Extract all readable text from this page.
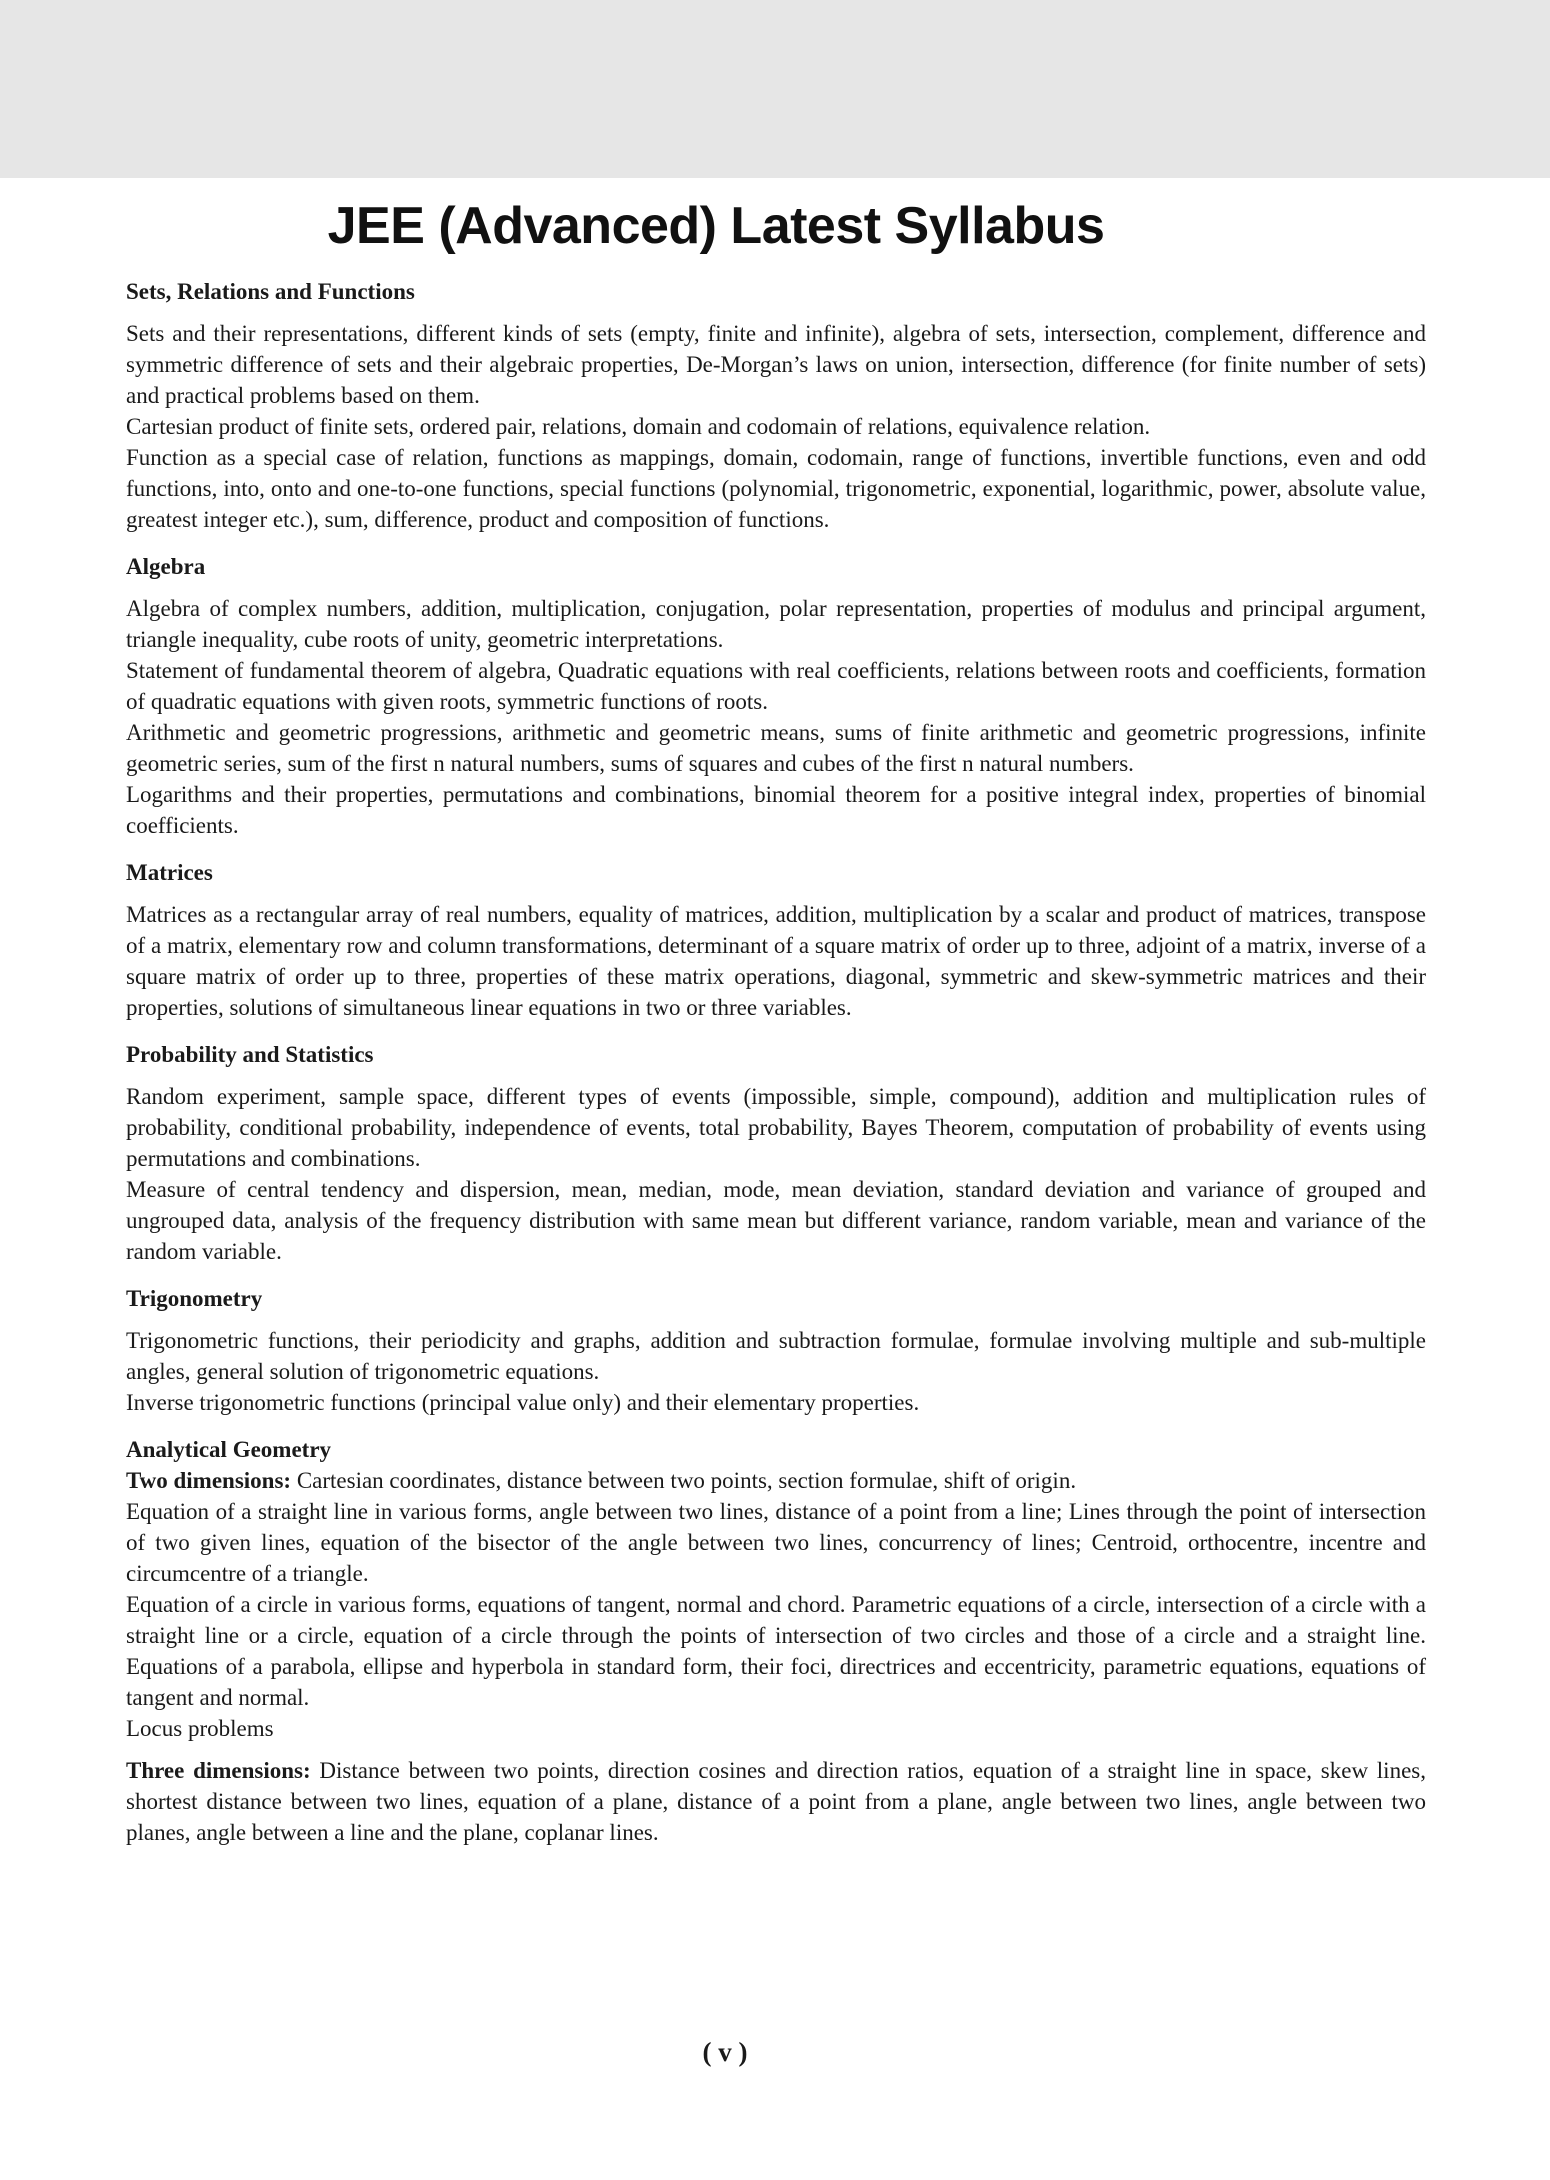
JEE (Advanced) Latest Syllabus
Sets, Relations and Functions

Sets and their representations, different kinds of sets (empty, finite and infinite), algebra of sets, intersection, complement, difference and symmetric difference of sets and their algebraic properties, De-Morgan’s laws on union, intersection, difference (for finite number of sets) and practical problems based on them.

Cartesian product of finite sets, ordered pair, relations, domain and codomain of relations, equivalence relation.

Function as a special case of relation, functions as mappings, domain, codomain, range of functions, invertible functions, even and odd functions, into, onto and one-to-one functions, special functions (polynomial, trigonometric, exponential, logarithmic, power, absolute value, greatest integer etc.), sum, difference, product and composition of functions.

Algebra

Algebra of complex numbers, addition, multiplication, conjugation, polar representation, properties of modulus and principal argument, triangle inequality, cube roots of unity, geometric interpretations.

Statement of fundamental theorem of algebra, Quadratic equations with real coefficients, relations between roots and coefficients, formation of quadratic equations with given roots, symmetric functions of roots.

Arithmetic and geometric progressions, arithmetic and geometric means, sums of finite arithmetic and geometric progressions, infinite geometric series, sum of the first n natural numbers, sums of squares and cubes of the first n natural numbers.

Logarithms and their properties, permutations and combinations, binomial theorem for a positive integral index, properties of binomial coefficients.

Matrices

Matrices as a rectangular array of real numbers, equality of matrices, addition, multiplication by a scalar and product of matrices, transpose of a matrix, elementary row and column transformations, determinant of a square matrix of order up to three, adjoint of a matrix, inverse of a square matrix of order up to three, properties of these matrix operations, diagonal, symmetric and skew-symmetric matrices and their properties, solutions of simultaneous linear equations in two or three variables.

Probability and Statistics

Random experiment, sample space, different types of events (impossible, simple, compound), addition and multiplication rules of probability, conditional probability, independence of events, total probability, Bayes Theorem, computation of probability of events using permutations and combinations.

Measure of central tendency and dispersion, mean, median, mode, mean deviation, standard deviation and variance of grouped and ungrouped data, analysis of the frequency distribution with same mean but different variance, random variable, mean and variance of the random variable.

Trigonometry

Trigonometric functions, their periodicity and graphs, addition and subtraction formulae, formulae involving multiple and sub-multiple angles, general solution of trigonometric equations.

Inverse trigonometric functions (principal value only) and their elementary properties.

Analytical Geometry

Two dimensions: Cartesian coordinates, distance between two points, section formulae, shift of origin.

Equation of a straight line in various forms, angle between two lines, distance of a point from a line; Lines through the point of intersection of two given lines, equation of the bisector of the angle between two lines, concurrency of lines; Centroid, orthocentre, incentre and circumcentre of a triangle.

Equation of a circle in various forms, equations of tangent, normal and chord. Parametric equations of a circle, intersection of a circle with a straight line or a circle, equation of a circle through the points of intersection of two circles and those of a circle and a straight line. Equations of a parabola, ellipse and hyperbola in standard form, their foci, directrices and eccentricity, parametric equations, equations of tangent and normal.

Locus problems

Three dimensions: Distance between two points, direction cosines and direction ratios, equation of a straight line in space, skew lines, shortest distance between two lines, equation of a plane, distance of a point from a plane, angle between two lines, angle between two planes, angle between a line and the plane, coplanar lines.

( v )
